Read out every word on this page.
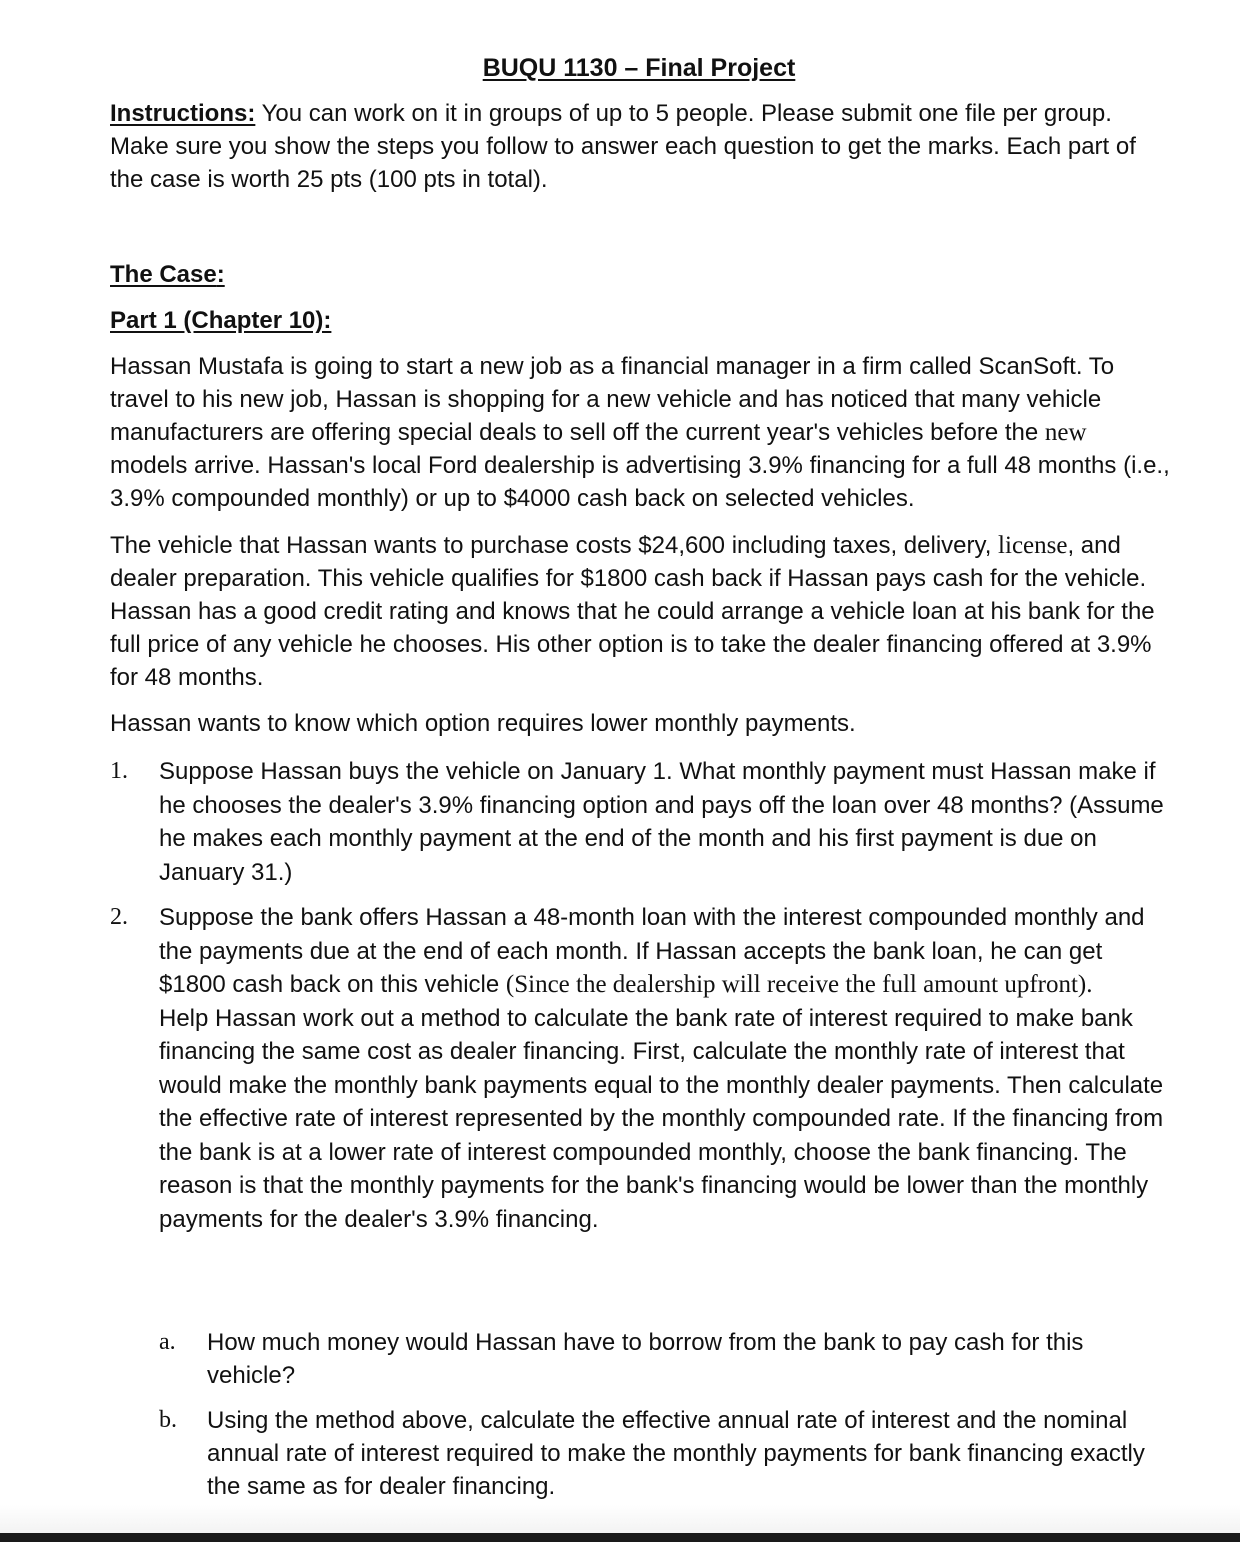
BUQU 1130 – Final Project

Instructions: You can work on it in groups of up to 5 people. Please submit one file per group. Make sure you show the steps you follow to answer each question to get the marks. Each part of the case is worth 25 pts (100 pts in total).

The Case:
Part 1 (Chapter 10):

Hassan Mustafa is going to start a new job as a financial manager in a firm called ScanSoft. To travel to his new job, Hassan is shopping for a new vehicle and has noticed that many vehicle manufacturers are offering special deals to sell off the current year's vehicles before the new models arrive. Hassan's local Ford dealership is advertising 3.9% financing for a full 48 months (i.e., 3.9% compounded monthly) or up to $4000 cash back on selected vehicles.

The vehicle that Hassan wants to purchase costs $24,600 including taxes, delivery, license, and dealer preparation. This vehicle qualifies for $1800 cash back if Hassan pays cash for the vehicle. Hassan has a good credit rating and knows that he could arrange a vehicle loan at his bank for the full price of any vehicle he chooses. His other option is to take the dealer financing offered at 3.9% for 48 months.

Hassan wants to know which option requires lower monthly payments.

1. Suppose Hassan buys the vehicle on January 1. What monthly payment must Hassan make if he chooses the dealer's 3.9% financing option and pays off the loan over 48 months? (Assume he makes each monthly payment at the end of the month and his first payment is due on January 31.)
2. Suppose the bank offers Hassan a 48-month loan with the interest compounded monthly and the payments due at the end of each month. If Hassan accepts the bank loan, he can get $1800 cash back on this vehicle (Since the dealership will receive the full amount upfront).
Help Hassan work out a method to calculate the bank rate of interest required to make bank financing the same cost as dealer financing. First, calculate the monthly rate of interest that would make the monthly bank payments equal to the monthly dealer payments. Then calculate the effective rate of interest represented by the monthly compounded rate. If the financing from the bank is at a lower rate of interest compounded monthly, choose the bank financing. The reason is that the monthly payments for the bank's financing would be lower than the monthly payments for the dealer's 3.9% financing.
a. How much money would Hassan have to borrow from the bank to pay cash for this vehicle?
b. Using the method above, calculate the effective annual rate of interest and the nominal annual rate of interest required to make the monthly payments for bank financing exactly the same as for dealer financing.
